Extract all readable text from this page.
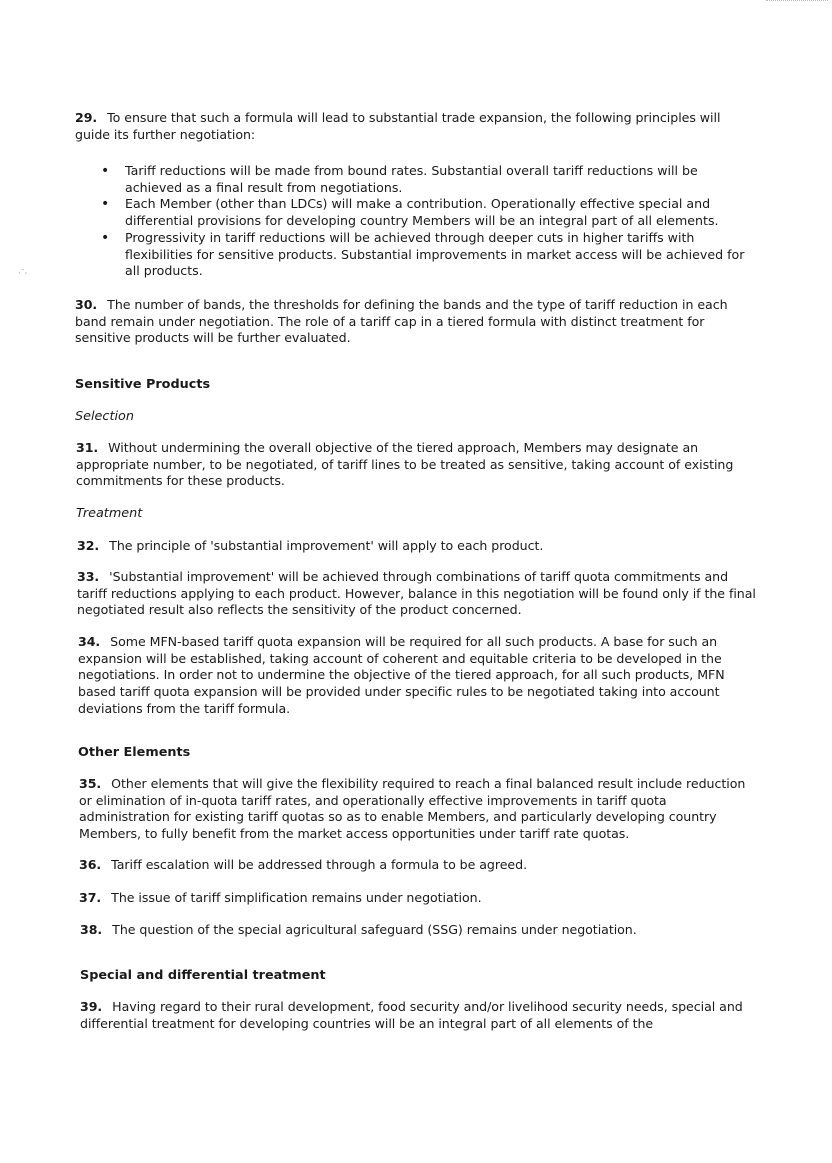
29. To ensure that such a formula will lead to substantial trade expansion, the following principles will guide its further negotiation:
• Tariff reductions will be made from bound rates. Substantial overall tariff reductions will be achieved as a final result from negotiations.
• Each Member (other than LDCs) will make a contribution. Operationally effective special and differential provisions for developing country Members will be an integral part of all elements.
• Progressivity in tariff reductions will be achieved through deeper cuts in higher tariffs with flexibilities for sensitive products. Substantial improvements in market access will be achieved for all products.
ˎ‐¸
30. The number of bands, the thresholds for defining the bands and the type of tariff reduction in each band remain under negotiation. The role of a tariff cap in a tiered formula with distinct treatment for sensitive products will be further evaluated.
Sensitive Products
Selection
31. Without undermining the overall objective of the tiered approach, Members may designate an appropriate number, to be negotiated, of tariff lines to be treated as sensitive, taking account of existing commitments for these products.
Treatment
32. The principle of 'substantial improvement' will apply to each product.
33. 'Substantial improvement' will be achieved through combinations of tariff quota commitments and tariff reductions applying to each product. However, balance in this negotiation will be found only if the final negotiated result also reflects the sensitivity of the product concerned.
34. Some MFN-based tariff quota expansion will be required for all such products. A base for such an expansion will be established, taking account of coherent and equitable criteria to be developed in the negotiations. In order not to undermine the objective of the tiered approach, for all such products, MFN based tariff quota expansion will be provided under specific rules to be negotiated taking into account deviations from the tariff formula.
Other Elements
35. Other elements that will give the flexibility required to reach a final balanced result include reduction or elimination of in-quota tariff rates, and operationally effective improvements in tariff quota administration for existing tariff quotas so as to enable Members, and particularly developing country Members, to fully benefit from the market access opportunities under tariff rate quotas.
36. Tariff escalation will be addressed through a formula to be agreed.
37. The issue of tariff simplification remains under negotiation.
38. The question of the special agricultural safeguard (SSG) remains under negotiation.
Special and differential treatment
39. Having regard to their rural development, food security and/or livelihood security needs, special and differential treatment for developing countries will be an integral part of all elements of the
